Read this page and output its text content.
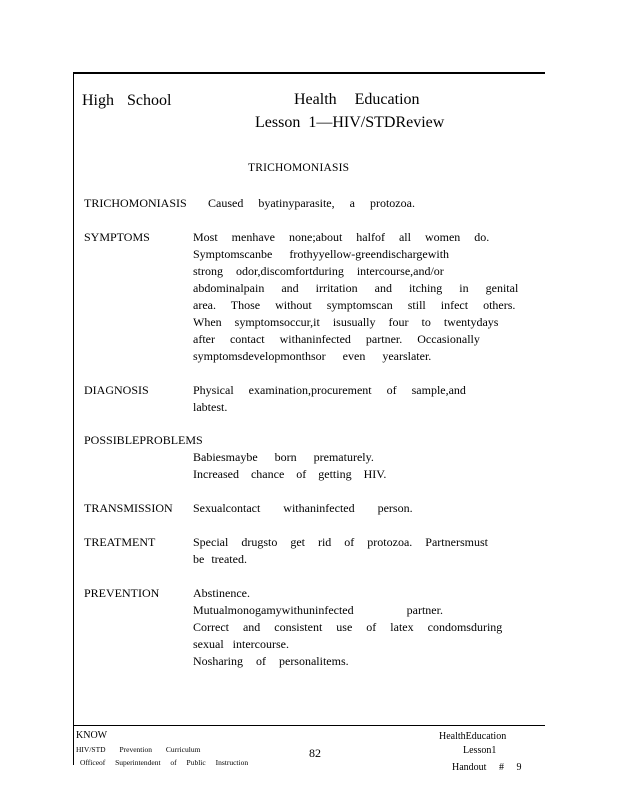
High School	Health Education
Lesson 1—HIV/STDReview
TRICHOMONIASIS
TRICHOMONIASIS Caused byatinyparasite, a protozoa.
SYMPTOMS	Most menhave none;about halfof all women do.
Symptomscanbe frothyyellow-greendischargewith
strong odor,discomfortduring intercourse,and/or
abdominalpain and irritation and itching in genital
area. Those without symptomscan still infect others.
When symptomsoccur,it isusually four to twentydays
after contact withaninfected partner. Occasionally
symptomsdevelopmonthsor even yearslater.
DIAGNOSIS	Physical examination,procurement of sample,and
labtest.
POSSIBLEPROBLEMS
Babiesmaybe born prematurely.
Increased chance of getting HIV.
TRANSMISSION Sexualcontact withaninfected person.
TREATMENT	Special drugsto get rid of protozoa. Partnersmust
be treated.
PREVENTION	Abstinence.
Mutualmonogamywithuninfected partner.
Correct and consistent use of latex condomsduring
sexual intercourse.
Nosharing of personalitems.
KNOW
HIV/STD Prevention Curriculum
Officeof Superintendent of Public Instruction
82
HealthEducation
Lesson1
Handout # 9
